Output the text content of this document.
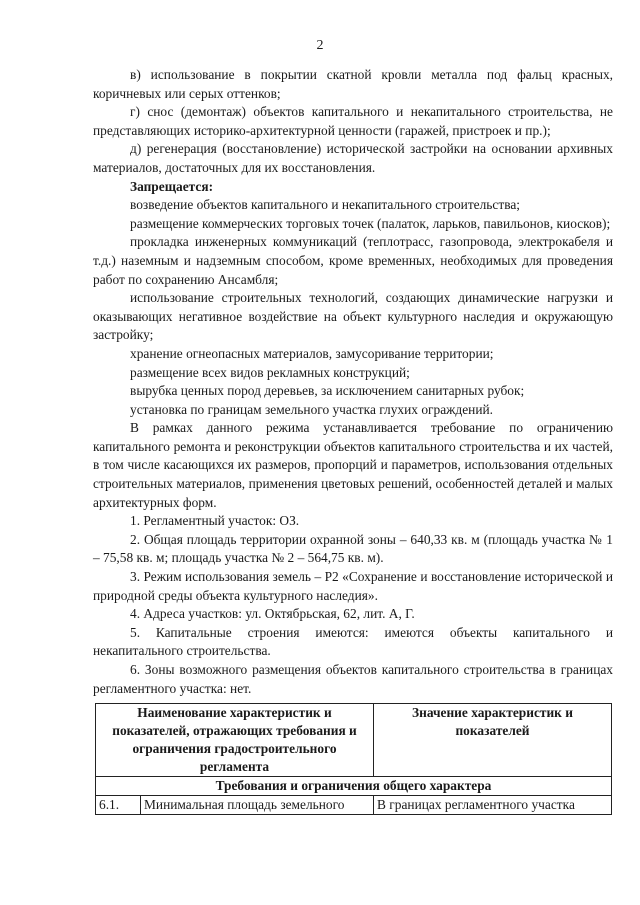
2

в) использование в покрытии скатной кровли металла под фальц красных, коричневых или серых оттенков;

г) снос (демонтаж) объектов капитального и некапитального строительства, не представляющих историко-архитектурной ценности (гаражей, пристроек и пр.);

д) регенерация (восстановление) исторической застройки на основании архивных материалов, достаточных для их восстановления.

Запрещается:

возведение объектов капитального и некапитального строительства;

размещение коммерческих торговых точек (палаток, ларьков, павильонов, киосков);

прокладка инженерных коммуникаций (теплотрасс, газопровода, электрокабеля и т.д.) наземным и надземным способом, кроме временных, необходимых для проведения работ по сохранению Ансамбля;

использование строительных технологий, создающих динамические нагрузки и оказывающих негативное воздействие на объект культурного наследия и окружающую застройку;

хранение огнеопасных материалов, замусоривание территории;

размещение всех видов рекламных конструкций;

вырубка ценных пород деревьев, за исключением санитарных рубок;

установка по границам земельного участка глухих ограждений.

В рамках данного режима устанавливается требование по ограничению капитального ремонта и реконструкции объектов капитального строительства и их частей, в том числе касающихся их размеров, пропорций и параметров, использования отдельных строительных материалов, применения цветовых решений, особенностей деталей и малых архитектурных форм.

1. Регламентный участок: ОЗ.

2. Общая площадь территории охранной зоны – 640,33 кв. м (площадь участка № 1 – 75,58 кв. м; площадь участка № 2 – 564,75 кв. м).

3. Режим использования земель – Р2 «Сохранение и восстановление исторической и природной среды объекта культурного наследия».

4. Адреса участков: ул. Октябрьская, 62, лит. А, Г.

5. Капитальные строения имеются: имеются объекты капитального и некапитального строительства.

6. Зоны возможного размещения объектов капитального строительства в границах регламентного участка: нет.

Наименование характеристик и показателей, отражающих требования и ограничения градостроительного регламента		Значение характеристик и показателей
Требования и ограничения общего характера		
6.1.	Минимальная площадь земельного	В границах регламентного участка
